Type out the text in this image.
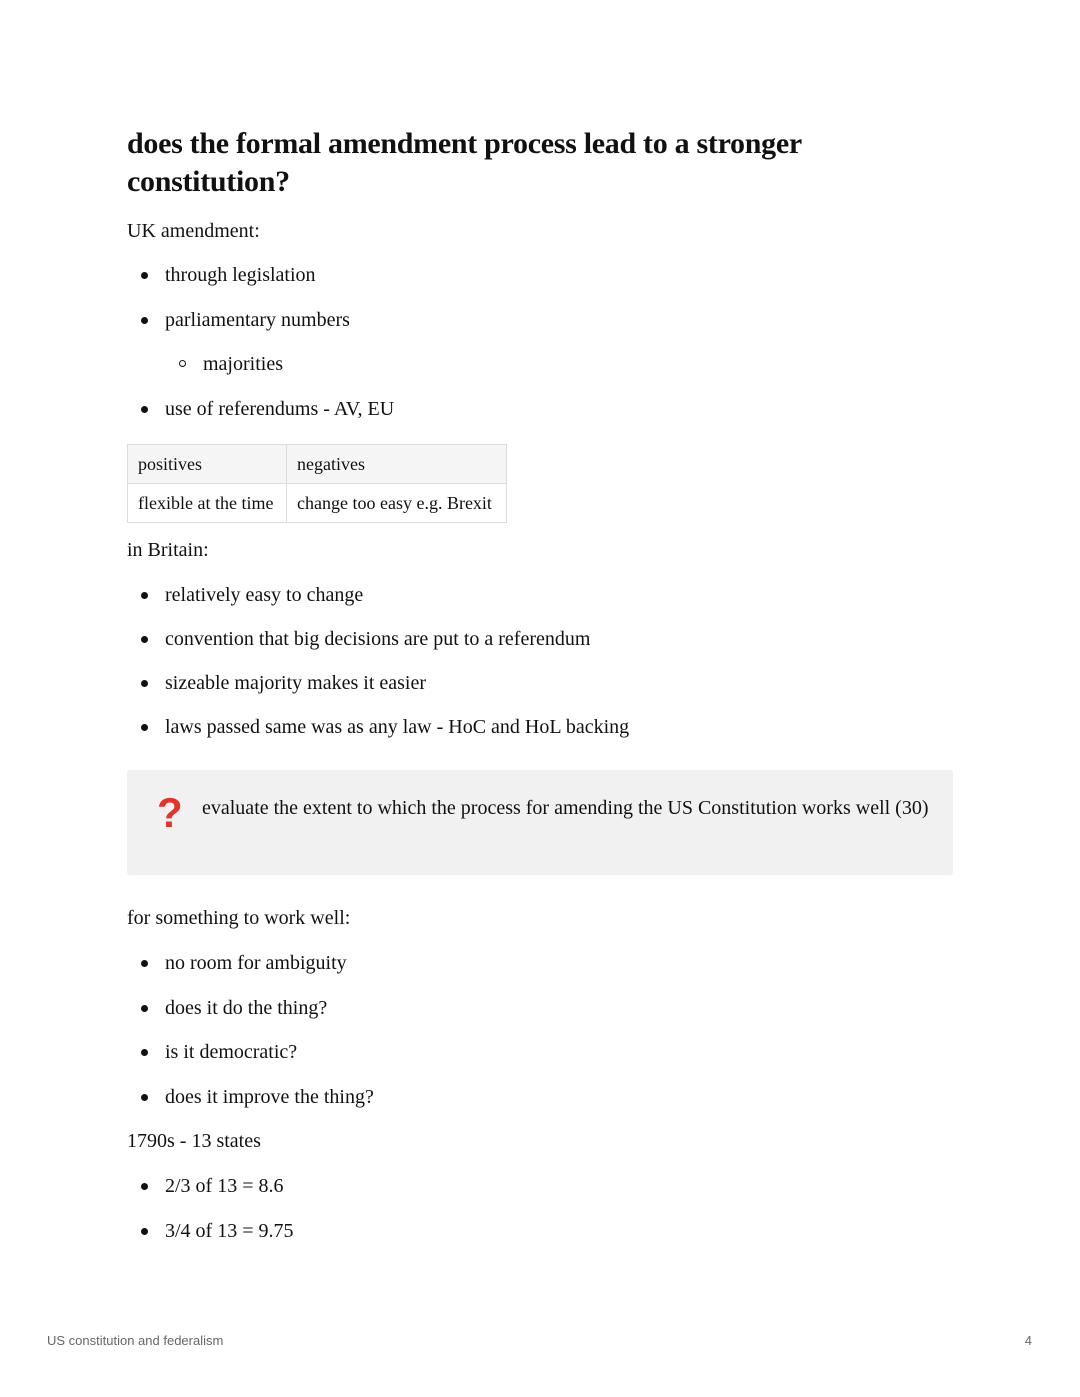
does the formal amendment process lead to a stronger constitution?

UK amendment:

through legislation
parliamentary numbers
majorities
use of referendums - AV, EU
positives	negatives
flexible at the time	change too easy e.g. Brexit

in Britain:

relatively easy to change
convention that big decisions are put to a referendum
sizeable majority makes it easier
laws passed same was as any law - HoC and HoL backing
? evaluate the extent to which the process for amending the US Constitution works well (30)

for something to work well:

no room for ambiguity
does it do the thing?
is it democratic?
does it improve the thing?

1790s - 13 states

2/3 of 13 = 8.6
3/4 of 13 = 9.75
US constitution and federalism	4
